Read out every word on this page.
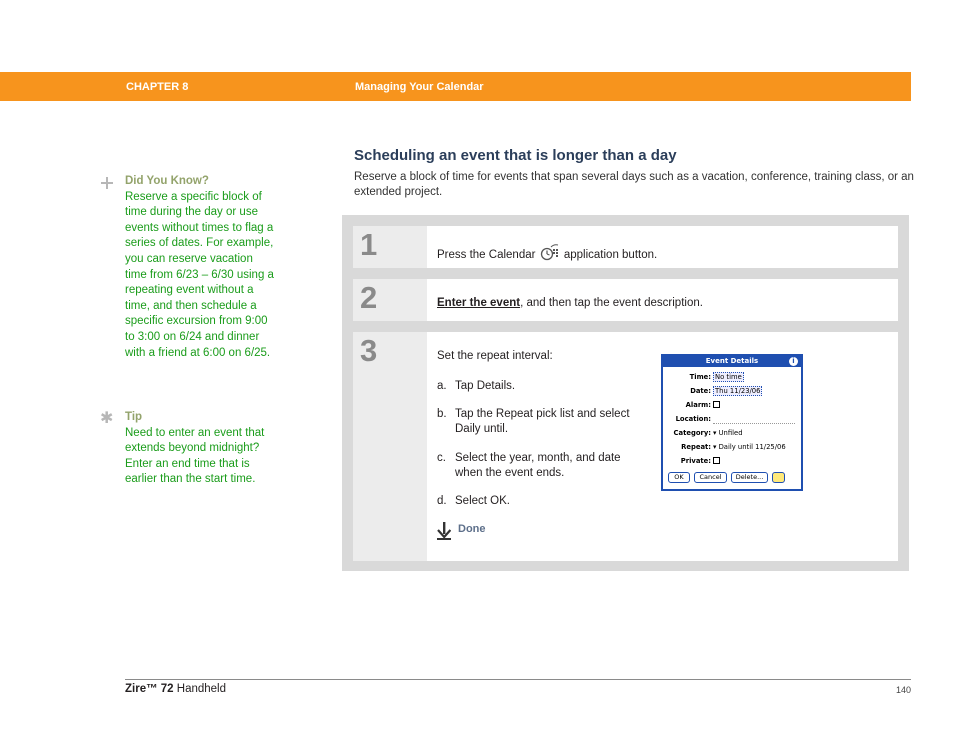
CHAPTER 8	Managing Your Calendar
Scheduling an event that is longer than a day
Reserve a block of time for events that span several days such as a vacation, conference, training class, or an extended project.
Did You Know?
Reserve a specific block of time during the day or use events without times to flag a series of dates. For example, you can reserve vacation time from 6/23 – 6/30 using a repeating event without a time, and then schedule a specific excursion from 9:00 to 3:00 on 6/24 and dinner with a friend at 6:00 on 6/25.
✱ Tip
Need to enter an event that extends beyond midnight? Enter an end time that is earlier than the start time.
1	Press the Calendar application button.
2	Enter the event, and then tap the event description.
3	Set the repeat interval:
a. Tap Details.
b. Tap the Repeat pick list and select Daily until.
c. Select the year, month, and date when the event ends.
d. Select OK.
Done
Event Details	i
Time: No time
Date: Thu 11/23/06
Alarm:
Location:
Category: ▾ Unfiled
Repeat: ▾ Daily until 11/25/06
Private:
OK	Cancel	Delete...
Zire™ 72 Handheld	140
